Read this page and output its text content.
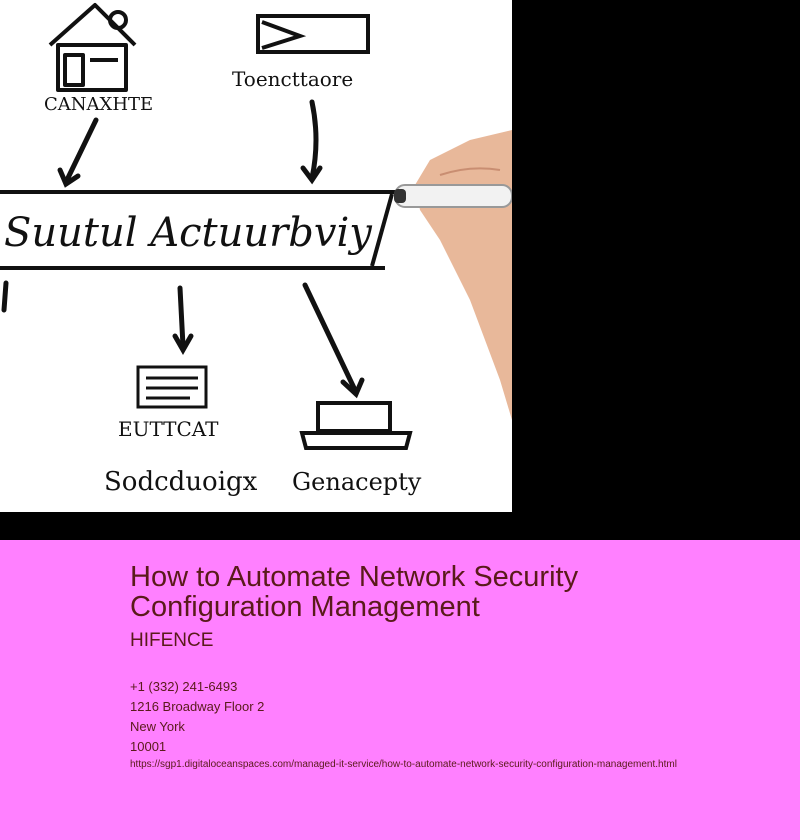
CANAXHTE
Toencttaore
Suutul Actuurbviy
EUTTCAT
Sodcduoigx Genacepty
How to Automate Network Security Configuration Management
HIFENCE
+1 (332) 241-6493
1216 Broadway Floor 2
New York
10001
https://sgp1.digitaloceanspaces.com/managed-it-service/how-to-automate-network-security-configuration-management.html
